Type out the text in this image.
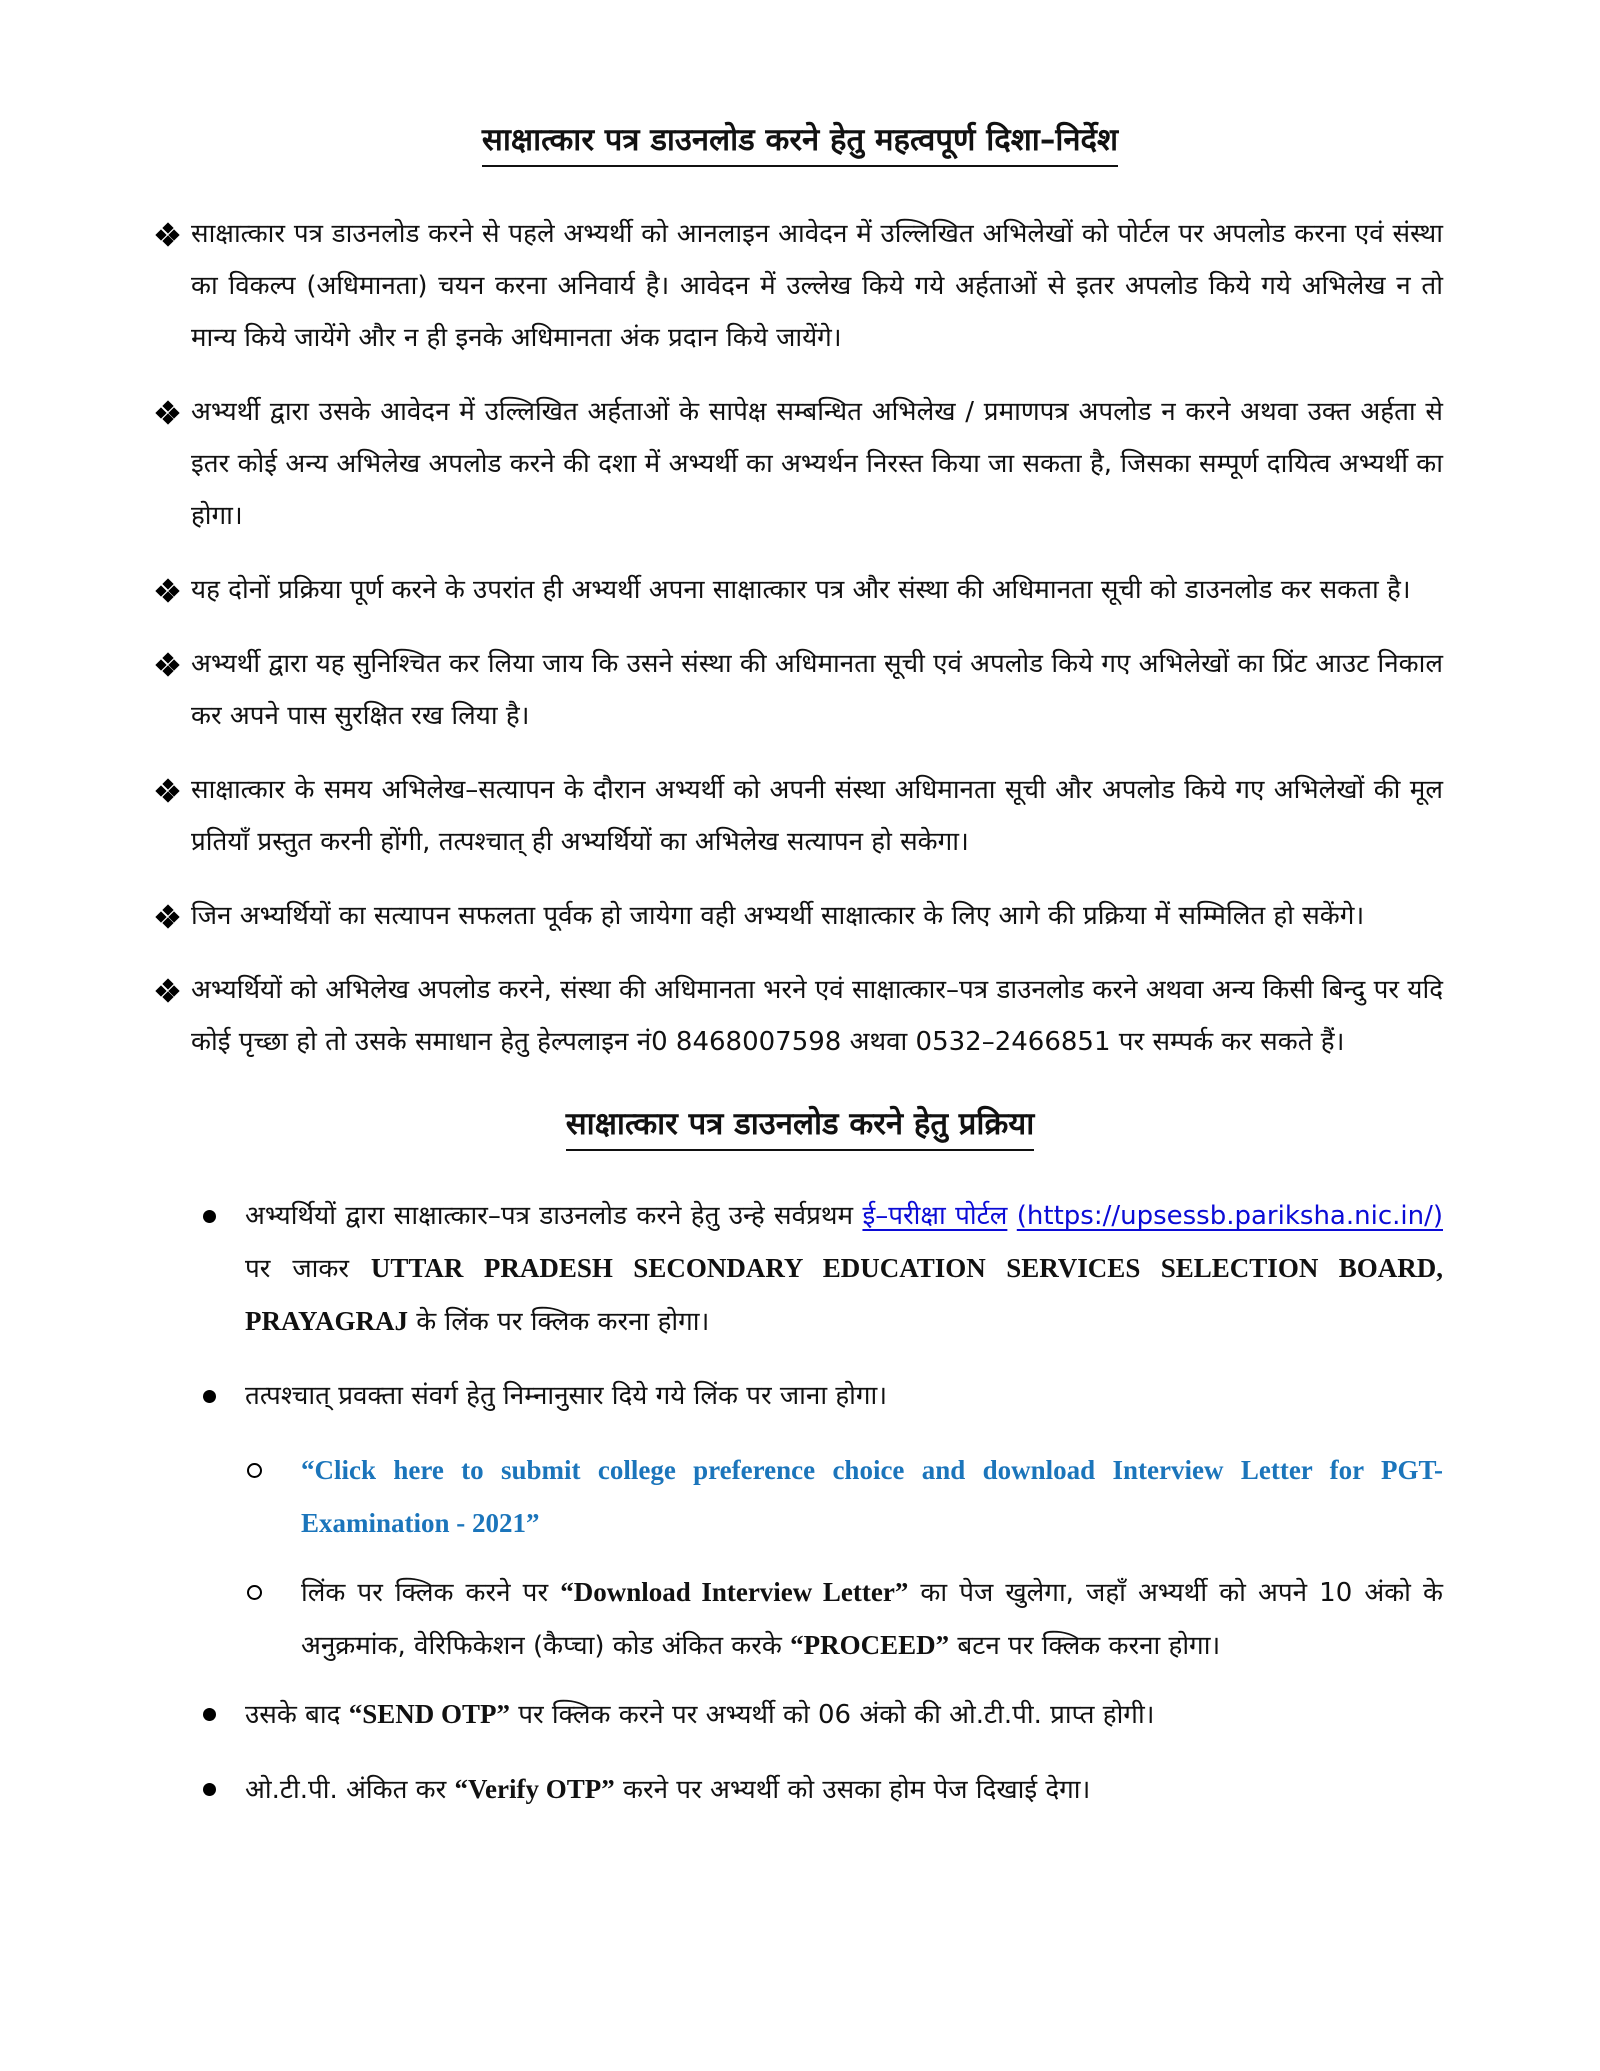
साक्षात्कार पत्र डाउनलोड करने हेतु महत्वपूर्ण दिशा–निर्देश

साक्षात्कार पत्र डाउनलोड करने से पहले अभ्यर्थी को आनलाइन आवेदन में उल्लिखित अभिलेखों को पोर्टल पर अपलोड करना एवं संस्था का विकल्प (अधिमानता) चयन करना अनिवार्य है। आवेदन में उल्लेख किये गये अर्हताओं से इतर अपलोड किये गये अभिलेख न तो मान्य किये जायेंगे और न ही इनके अधिमानता अंक प्रदान किये जायेंगे।

अभ्यर्थी द्वारा उसके आवेदन में उल्लिखित अर्हताओं के सापेक्ष सम्बन्धित अभिलेख / प्रमाणपत्र अपलोड न करने अथवा उक्त अर्हता से इतर कोई अन्य अभिलेख अपलोड करने की दशा में अभ्यर्थी का अभ्यर्थन निरस्त किया जा सकता है, जिसका सम्पूर्ण दायित्व अभ्यर्थी का होगा।

यह दोनों प्रक्रिया पूर्ण करने के उपरांत ही अभ्यर्थी अपना साक्षात्कार पत्र और संस्था की अधिमानता सूची को डाउनलोड कर सकता है।

अभ्यर्थी द्वारा यह सुनिश्चित कर लिया जाय कि उसने संस्था की अधिमानता सूची एवं अपलोड किये गए अभिलेखों का प्रिंट आउट निकाल कर अपने पास सुरक्षित रख लिया है।

साक्षात्कार के समय अभिलेख–सत्यापन के दौरान अभ्यर्थी को अपनी संस्था अधिमानता सूची और अपलोड किये गए अभिलेखों की मूल प्रतियाँ प्रस्तुत करनी होंगी, तत्पश्चात् ही अभ्यर्थियों का अभिलेख सत्यापन हो सकेगा।

जिन अभ्यर्थियों का सत्यापन सफलता पूर्वक हो जायेगा वही अभ्यर्थी साक्षात्कार के लिए आगे की प्रक्रिया में सम्मिलित हो सकेंगे।

अभ्यर्थियों को अभिलेख अपलोड करने, संस्था की अधिमानता भरने एवं साक्षात्कार–पत्र डाउनलोड करने अथवा अन्य किसी बिन्दु पर यदि कोई पृच्छा हो तो उसके समाधान हेतु हेल्पलाइन नं0 8468007598 अथवा 0532–2466851 पर सम्पर्क कर सकते हैं।

साक्षात्कार पत्र डाउनलोड करने हेतु प्रक्रिया

अभ्यर्थियों द्वारा साक्षात्कार–पत्र डाउनलोड करने हेतु उन्हे सर्वप्रथम ई–परीक्षा पोर्टल (https://upsessb.pariksha.nic.in/) पर जाकर UTTAR PRADESH SECONDARY EDUCATION SERVICES SELECTION BOARD, PRAYAGRAJ के लिंक पर क्लिक करना होगा।

तत्पश्चात् प्रवक्ता संवर्ग हेतु निम्नानुसार दिये गये लिंक पर जाना होगा।

“Click here to submit college preference choice and download Interview Letter for PGT-Examination - 2021”

लिंक पर क्लिक करने पर “Download Interview Letter” का पेज खुलेगा, जहाँ अभ्यर्थी को अपने 10 अंको के अनुक्रमांक, वेरिफिकेशन (कैप्चा) कोड अंकित करके “PROCEED” बटन पर क्लिक करना होगा।

उसके बाद “SEND OTP” पर क्लिक करने पर अभ्यर्थी को 06 अंको की ओ.टी.पी. प्राप्त होगी।

ओ.टी.पी. अंकित कर “Verify OTP” करने पर अभ्यर्थी को उसका होम पेज दिखाई देगा।
